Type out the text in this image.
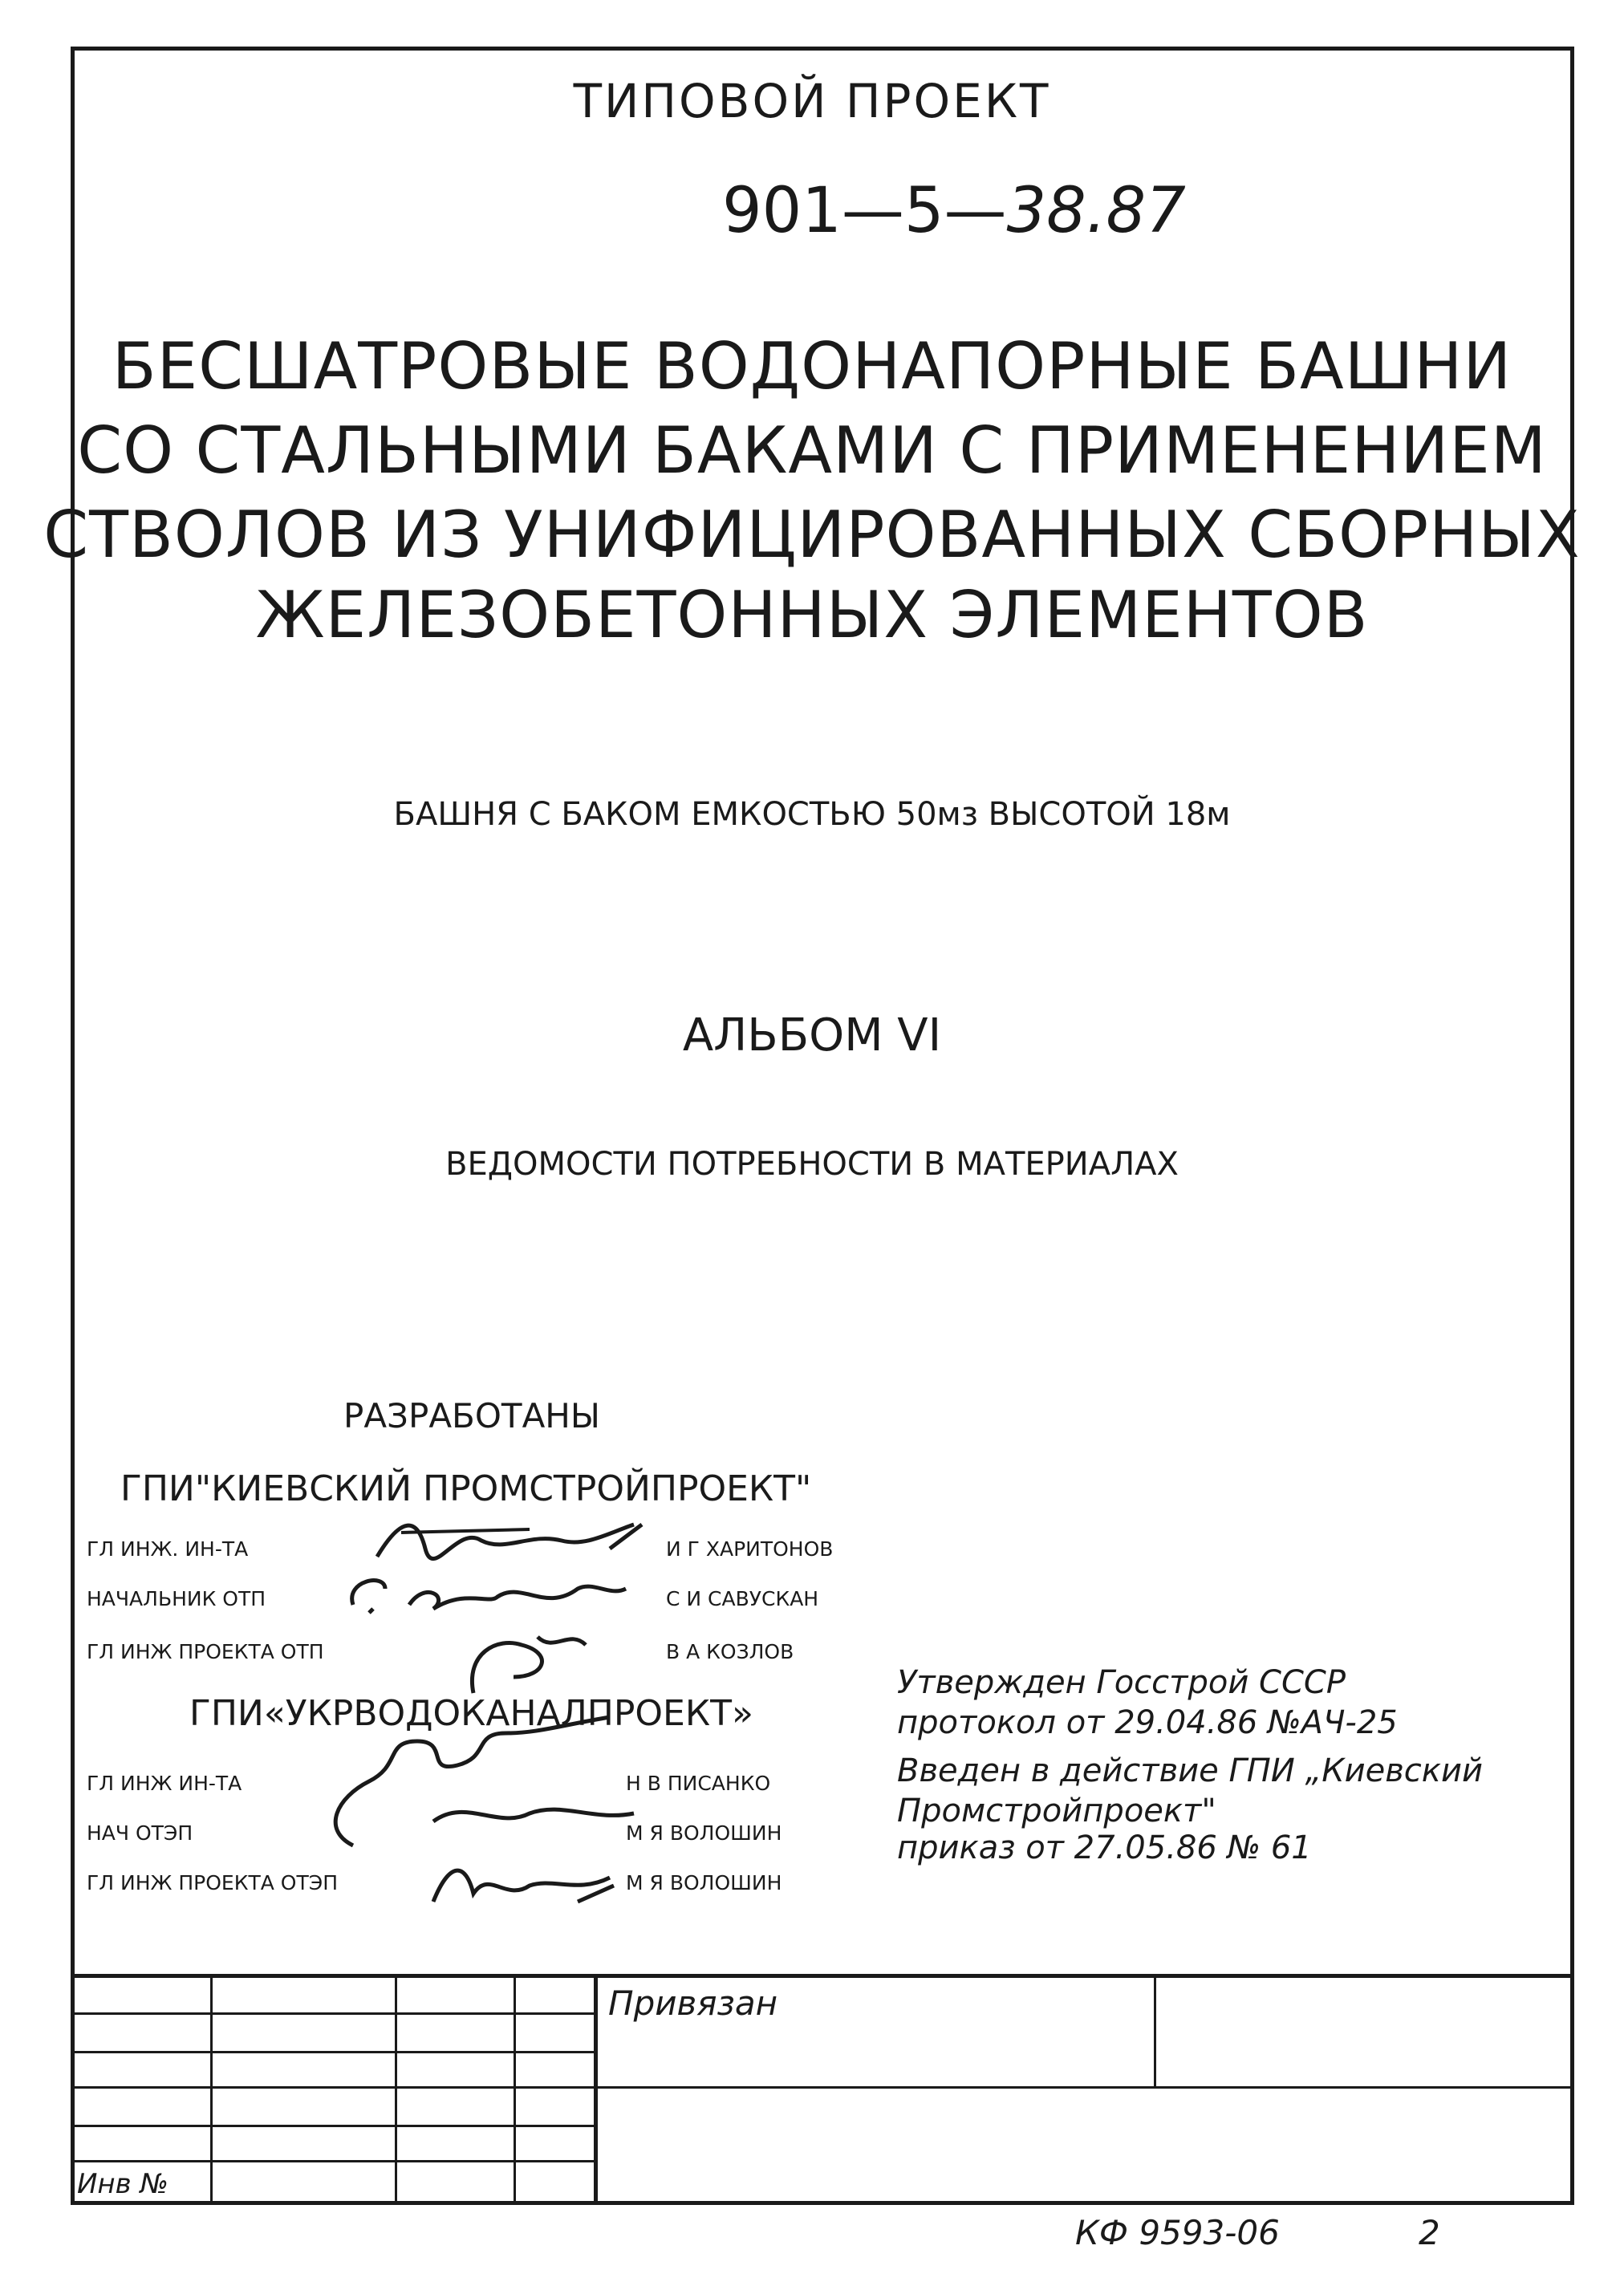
ТИПОВОЙ ПРОЕКТ
901—5—38.87
БЕСШАТРОВЫЕ ВОДОНАПОРНЫЕ БАШНИ
СО СТАЛЬНЫМИ БАКАМИ С ПРИМЕНЕНИЕМ
СТВОЛОВ ИЗ УНИФИЦИРОВАННЫХ СБОРНЫХ
ЖЕЛЕЗОБЕТОННЫХ ЭЛЕМЕНТОВ
БАШНЯ С БАКОМ ЕМКОСТЬЮ 50мз ВЫСОТОЙ 18м
АЛЬБОМ VI
ВЕДОМОСТИ ПОТРЕБНОСТИ В МАТЕРИАЛАХ
РАЗРАБОТАНЫ
ГПИ"КИЕВСКИЙ ПРОМСТРОЙПРОЕКТ"
ГЛ ИНЖ. ИН-ТА	И Г ХАРИТОНОВ
НАЧАЛЬНИК ОТП	С И САВУСКАН
ГЛ ИНЖ ПРОЕКТА ОТП	В А КОЗЛОВ
ГПИ«УКРВОДОКАНАЛПРОЕКТ»
ГЛ ИНЖ ИН-ТА	Н В ПИСАНКО
НАЧ ОТЭП	М Я ВОЛОШИН
ГЛ ИНЖ ПРОЕКТА ОТЭП	М Я ВОЛОШИН
Утвержден Госстрой СССР
протокол от 29.04.86 №АЧ-25
Введен в действие ГПИ „Киевский
Промстройпроект"
приказ от 27.05.86 № 61
Привязан
Инв №
КФ 9593-06	2
